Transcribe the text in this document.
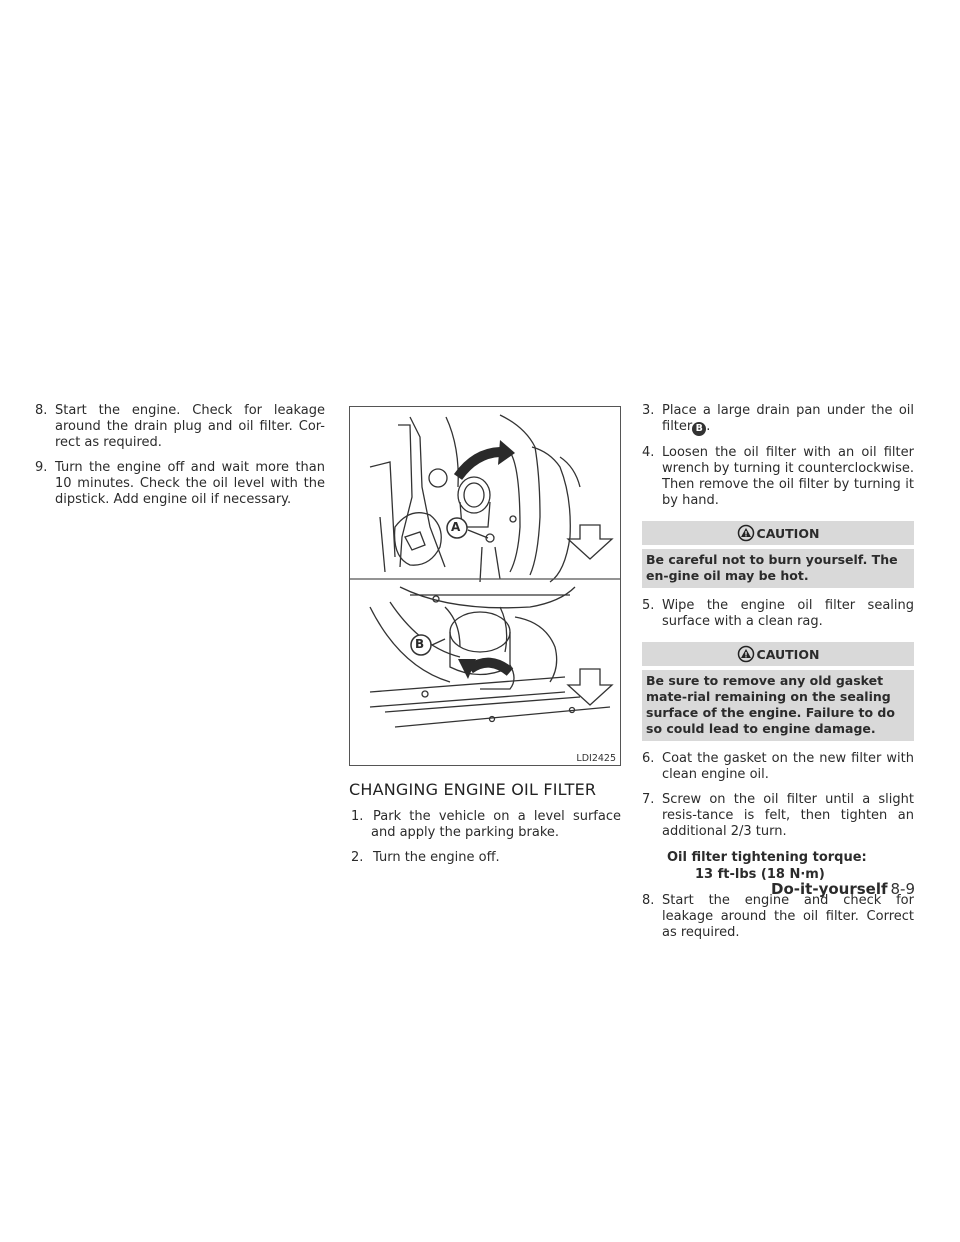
8. Start the engine. Check for leakage around the drain plug and oil filter. Cor-rect as required.

9. Turn the engine off and wait more than 10 minutes. Check the oil level with the dipstick. Add engine oil if necessary.

A
B
LDI2425
CHANGING ENGINE OIL FILTER

1. Park the vehicle on a level surface and apply the parking brake.

2. Turn the engine off.

3. Place a large drain pan under the oil filter B .

4. Loosen the oil filter with an oil filter wrench by turning it counterclockwise. Then remove the oil filter by turning it by hand.

CAUTION
Be careful not to burn yourself. The en-gine oil may be hot.

5. Wipe the engine oil filter sealing surface with a clean rag.

CAUTION
Be sure to remove any old gasket mate-rial remaining on the sealing surface of the engine. Failure to do so could lead to engine damage.

6. Coat the gasket on the new filter with clean engine oil.

7. Screw on the oil filter until a slight resis-tance is felt, then tighten an additional 2/3 turn.

Oil filter tightening torque:
13 ft-lbs (18 N·m)

8. Start the engine and check for leakage around the oil filter. Correct as required.

Do-it-yourself 8-9
